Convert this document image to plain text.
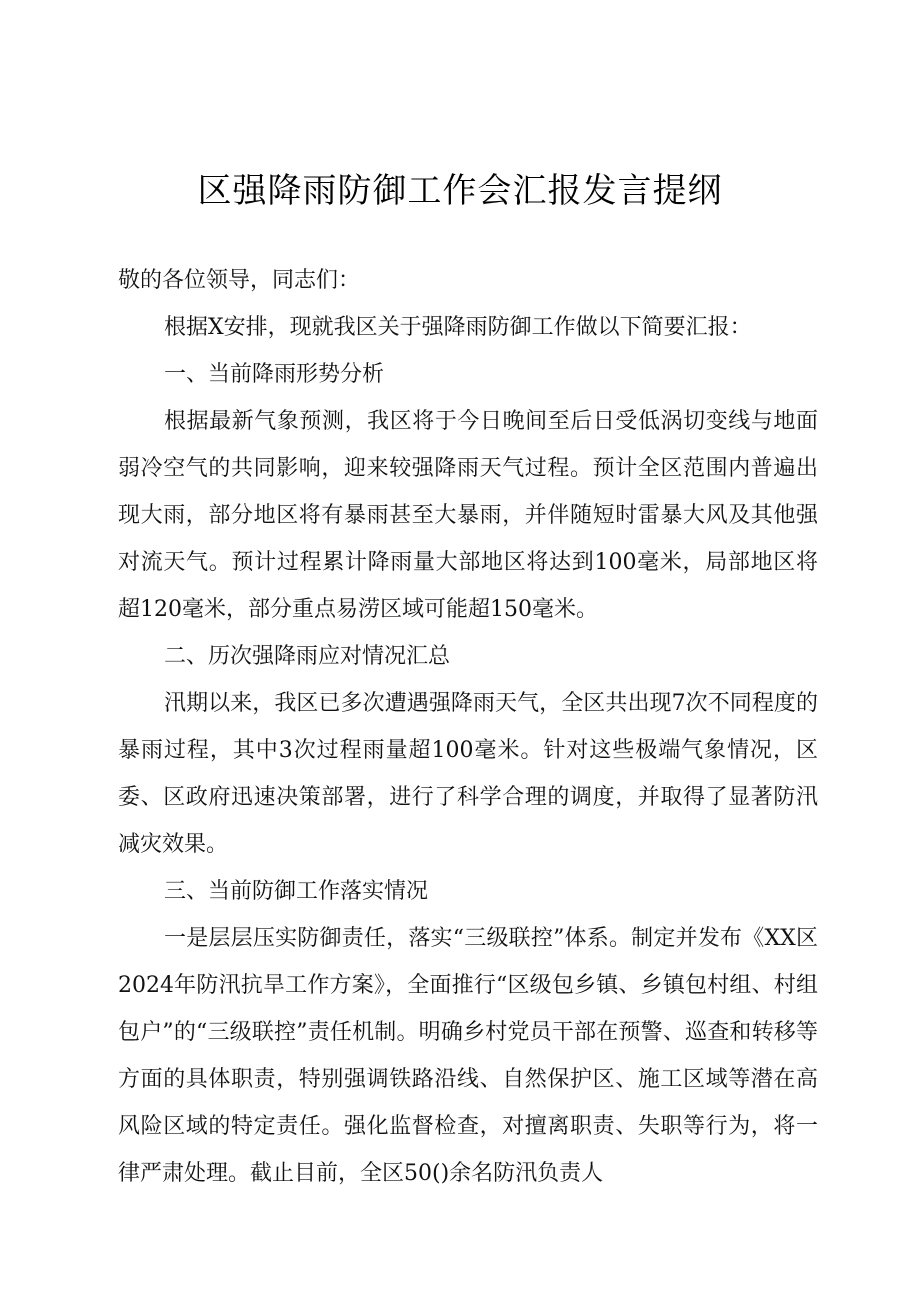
区强降雨防御工作会汇报发言提纲

敬的各位领导，同志们：

根据X安排，现就我区关于强降雨防御工作做以下简要汇报：

一、当前降雨形势分析

根据最新气象预测，我区将于今日晚间至后日受低涡切变线与地面弱冷空气的共同影响，迎来较强降雨天气过程。预计全区范围内普遍出现大雨，部分地区将有暴雨甚至大暴雨，并伴随短时雷暴大风及其他强对流天气。预计过程累计降雨量大部地区将达到100毫米，局部地区将超120毫米，部分重点易涝区域可能超150毫米。

二、历次强降雨应对情况汇总

汛期以来，我区已多次遭遇强降雨天气，全区共出现7次不同程度的暴雨过程，其中3次过程雨量超100毫米。针对这些极端气象情况，区委、区政府迅速决策部署，进行了科学合理的调度，并取得了显著防汛减灾效果。

三、当前防御工作落实情况

一是层层压实防御责任，落实“三级联控”体系。制定并发布《XX区2024年防汛抗旱工作方案》，全面推行“区级包乡镇、乡镇包村组、村组包户”的“三级联控”责任机制。明确乡村党员干部在预警、巡查和转移等方面的具体职责，特别强调铁路沿线、自然保护区、施工区域等潜在高风险区域的特定责任。强化监督检查，对擅离职责、失职等行为，将一律严肃处理。截止目前，全区50()余名防汛负责人
